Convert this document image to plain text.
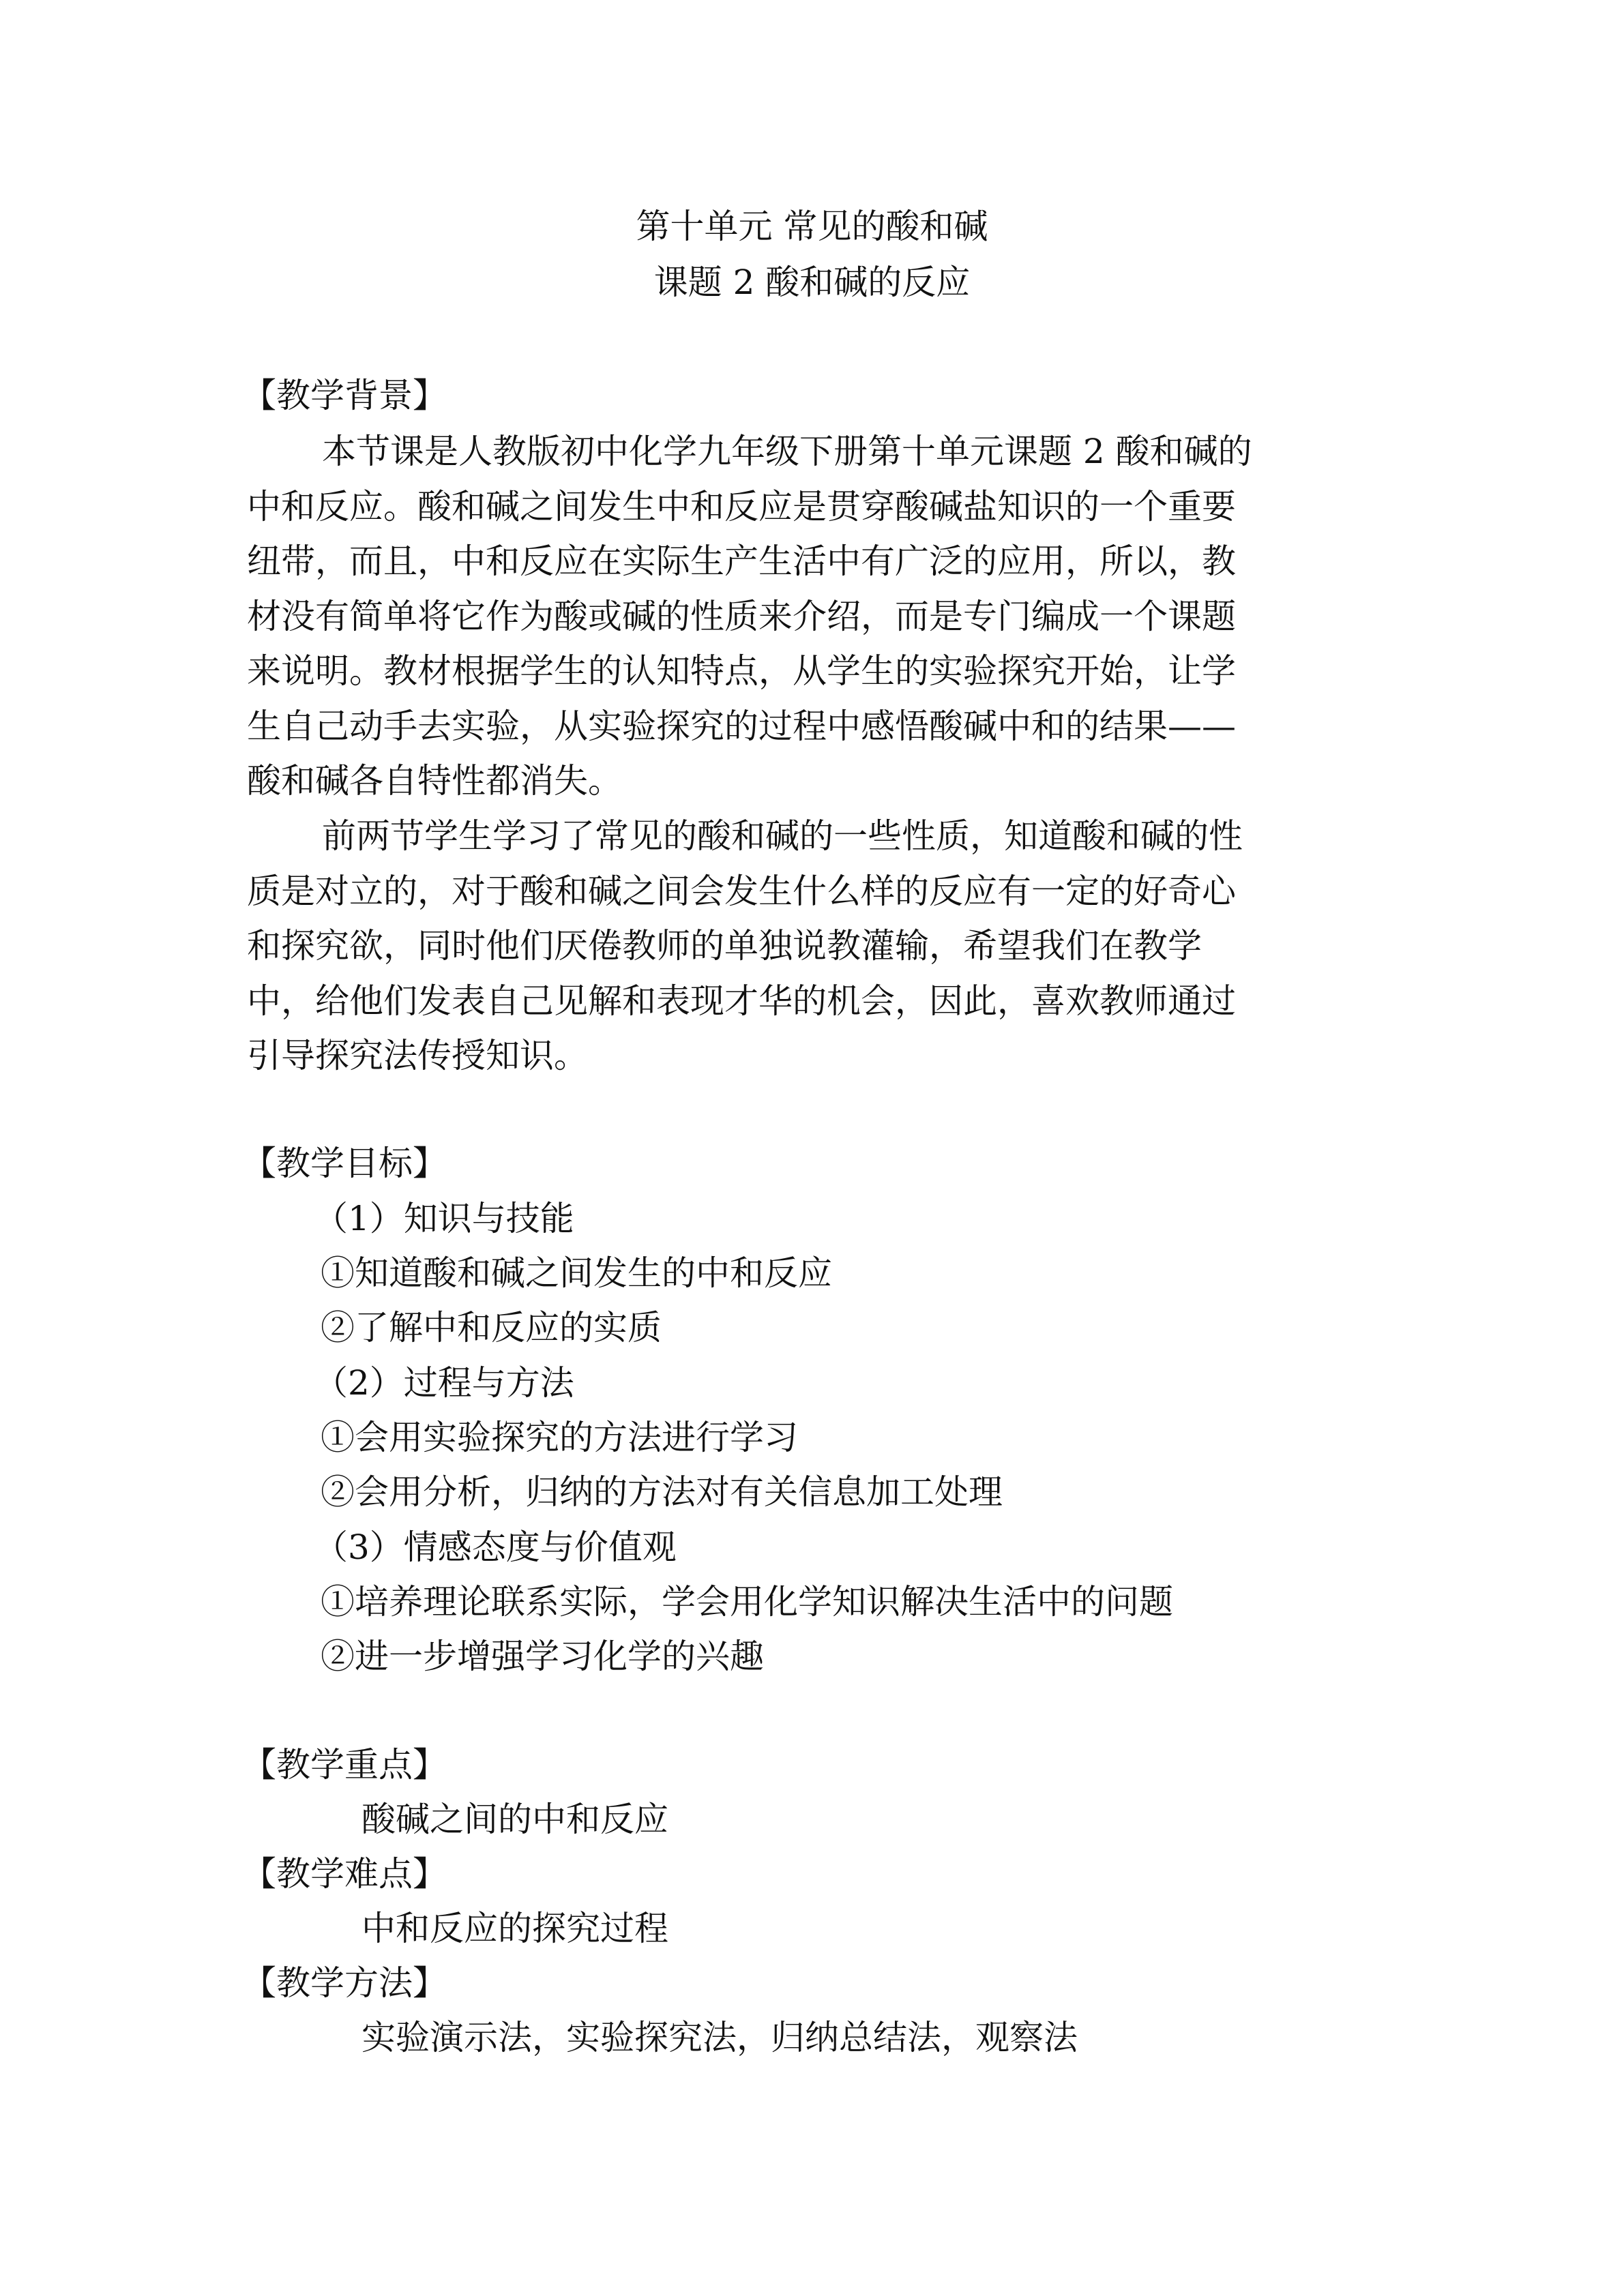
第十单元 常见的酸和碱
课题 2 酸和碱的反应
【教学背景】
本节课是人教版初中化学九年级下册第十单元课题 2 酸和碱的
中和反应。酸和碱之间发生中和反应是贯穿酸碱盐知识的一个重要
纽带，而且，中和反应在实际生产生活中有广泛的应用，所以，教
材没有简单将它作为酸或碱的性质来介绍，而是专门编成一个课题
来说明。教材根据学生的认知特点，从学生的实验探究开始，让学
生自己动手去实验，从实验探究的过程中感悟酸碱中和的结果——
酸和碱各自特性都消失。
前两节学生学习了常见的酸和碱的一些性质，知道酸和碱的性
质是对立的，对于酸和碱之间会发生什么样的反应有一定的好奇心
和探究欲，同时他们厌倦教师的单独说教灌输，希望我们在教学
中，给他们发表自己见解和表现才华的机会，因此，喜欢教师通过
引导探究法传授知识。
【教学目标】
（1）知识与技能
①知道酸和碱之间发生的中和反应
②了解中和反应的实质
（2）过程与方法
①会用实验探究的方法进行学习
②会用分析，归纳的方法对有关信息加工处理
（3）情感态度与价值观
①培养理论联系实际，学会用化学知识解决生活中的问题
②进一步增强学习化学的兴趣
【教学重点】
酸碱之间的中和反应
【教学难点】
中和反应的探究过程
【教学方法】
实验演示法，实验探究法，归纳总结法，观察法
